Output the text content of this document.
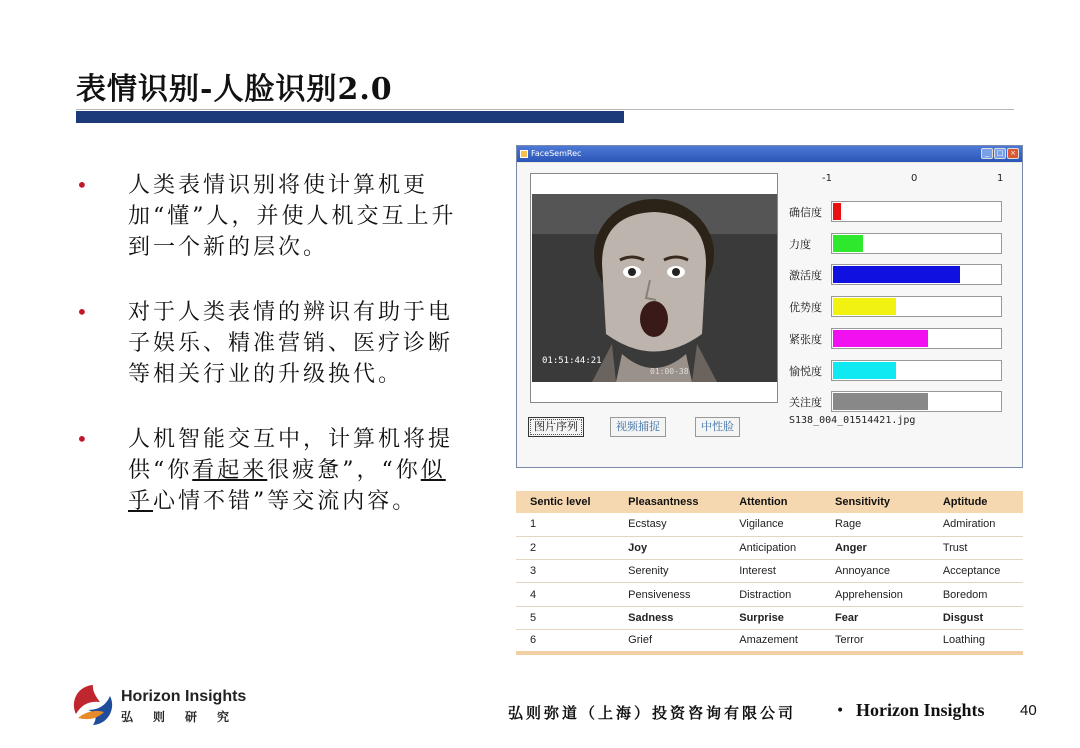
表情识别-人脸识别2.0
• 人类表情识别将使计算机更加“懂”人，并使人机交互上升到一个新的层次。
• 对于人类表情的辨识有助于电子娱乐、精准营销、医疗诊断等相关行业的升级换代。
• 人机智能交互中，计算机将提供“你看起来很疲惫”，“你似乎心情不错”等交流内容。
FaceSemRec	_	□ ×
01:51:44:21
01:00-38
-1	0	1
确信度
力度
激活度
优势度
紧张度
愉悦度
关注度
图片序列	视频捕捉	中性脸	S138_004_01514421.jpg
Sentic level	Pleasantness	Attention	Sensitivity	Aptitude
1	Ecstasy	Vigilance	Rage	Admiration
2	Joy	Anticipation	Anger	Trust
3	Serenity	Interest	Annoyance	Acceptance
4	Pensiveness	Distraction	Apprehension	Boredom
5	Sadness	Surprise	Fear	Disgust
6	Grief	Amazement	Terror	Loathing
Horizon Insights
弘则研究	弘则弥道（上海）投资咨询有限公司	• Horizon Insights 40
